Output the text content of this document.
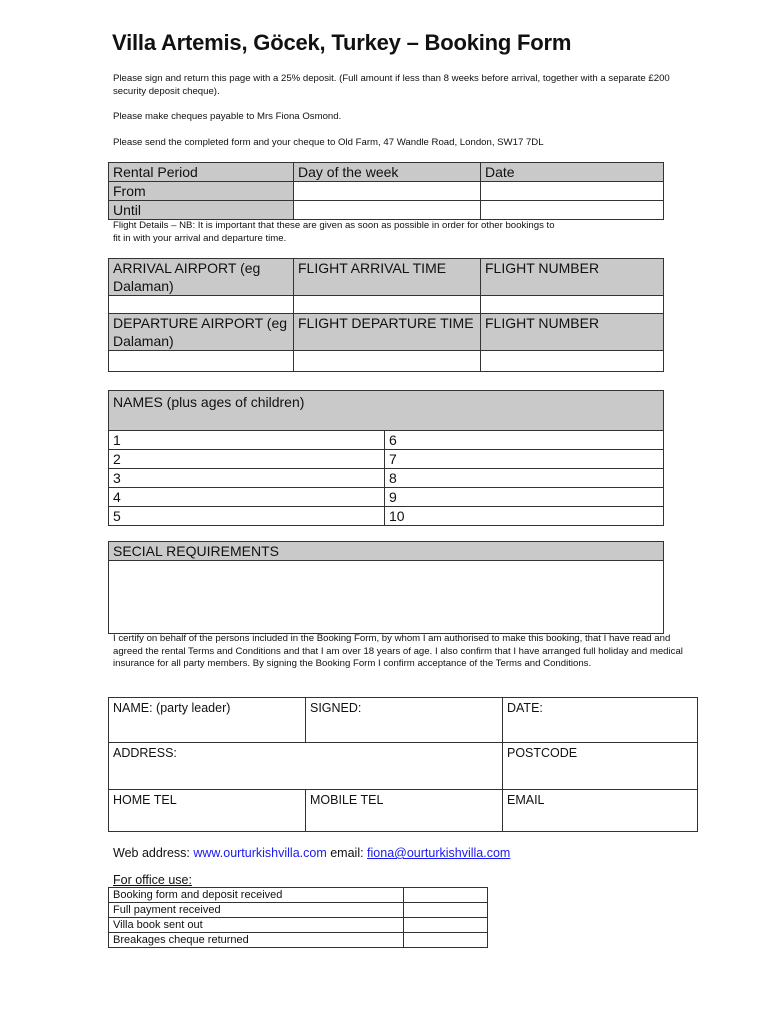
Villa Artemis, Göcek, Turkey – Booking Form
Please sign and return this page with a 25% deposit. (Full amount if less than 8 weeks before arrival, together with a separate £200 security deposit cheque).
Please make cheques payable to Mrs Fiona Osmond.
Please send the completed form and your cheque to Old Farm, 47 Wandle Road, London, SW17 7DL
Rental Period	Day of the week	Date
From		
Until		
Flight Details – NB: It is important that these are given as soon as possible in order for other bookings to fit in with your arrival and departure time.
ARRIVAL AIRPORT (eg Dalaman)	FLIGHT ARRIVAL TIME	FLIGHT NUMBER

DEPARTURE AIRPORT (eg Dalaman)	FLIGHT DEPARTURE TIME	FLIGHT NUMBER

NAMES (plus ages of children)	
1	6
2	7
3	8
4	9
5	10
SECIAL REQUIREMENTS

I certify on behalf of the persons included in the Booking Form, by whom I am authorised to make this booking, that I have read and agreed the rental Terms and Conditions and that I am over 18 years of age. I also confirm that I have arranged full holiday and medical insurance for all party members. By signing the Booking Form I confirm acceptance of the Terms and Conditions.
NAME: (party leader)	SIGNED:	DATE:
ADDRESS:		POSTCODE
HOME TEL	MOBILE TEL	EMAIL
Web address: www.ourturkishvilla.com email: fiona@ourturkishvilla.com
For office use:
Booking form and deposit received	
Full payment received	
Villa book sent out	
Breakages cheque returned	
